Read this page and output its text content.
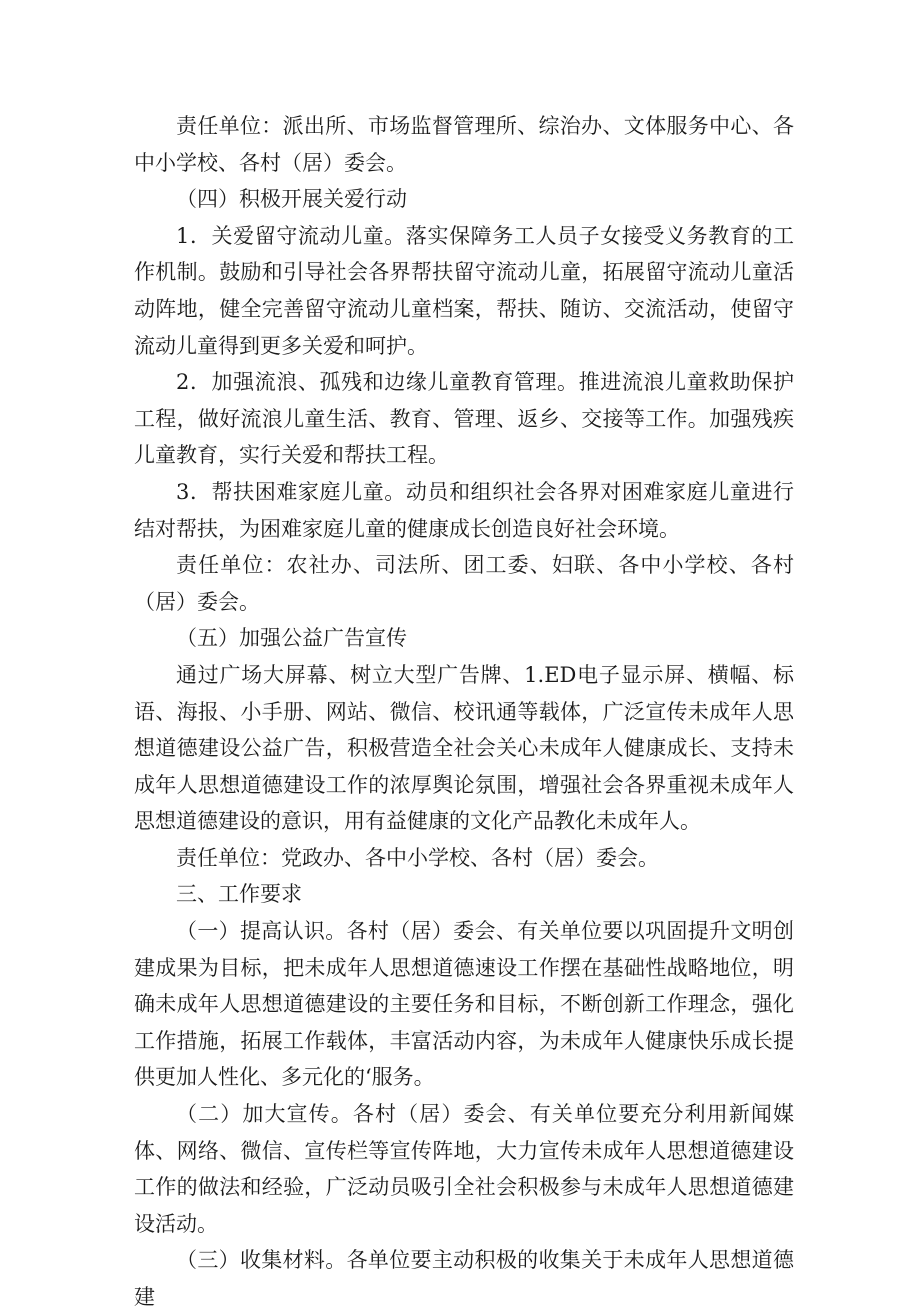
责任单位：派出所、市场监督管理所、综治办、文体服务中心、各中小学校、各村（居）委会。

（四）积极开展关爱行动

1．关爱留守流动儿童。落实保障务工人员子女接受义务教育的工作机制。鼓励和引导社会各界帮扶留守流动儿童，拓展留守流动儿童活动阵地，健全完善留守流动儿童档案，帮扶、随访、交流活动，使留守流动儿童得到更多关爱和呵护。

2．加强流浪、孤残和边缘儿童教育管理。推进流浪儿童救助保护工程，做好流浪儿童生活、教育、管理、返乡、交接等工作。加强残疾儿童教育，实行关爱和帮扶工程。

3．帮扶困难家庭儿童。动员和组织社会各界对困难家庭儿童进行结对帮扶，为困难家庭儿童的健康成长创造良好社会环境。

责任单位：农社办、司法所、团工委、妇联、各中小学校、各村（居）委会。

（五）加强公益广告宣传

通过广场大屏幕、树立大型广告牌、1.ED电子显示屏、横幅、标语、海报、小手册、网站、微信、校讯通等载体，广泛宣传未成年人思想道德建设公益广告，积极营造全社会关心未成年人健康成长、支持未成年人思想道德建设工作的浓厚舆论氛围，增强社会各界重视未成年人思想道德建设的意识，用有益健康的文化产品教化未成年人。

责任单位：党政办、各中小学校、各村（居）委会。

三、工作要求

（一）提高认识。各村（居）委会、有关单位要以巩固提升文明创建成果为目标，把未成年人思想道德速设工作摆在基础性战略地位，明确未成年人思想道德建设的主要任务和目标，不断创新工作理念，强化工作措施，拓展工作载体，丰富活动内容，为未成年人健康快乐成长提供更加人性化、多元化的‘服务。

（二）加大宣传。各村（居）委会、有关单位要充分利用新闻媒体、网络、微信、宣传栏等宣传阵地，大力宣传未成年人思想道德建设工作的做法和经验，广泛动员吸引全社会积极参与未成年人思想道德建设活动。

（三）收集材料。各单位要主动积极的收集关于未成年人思想道德建
